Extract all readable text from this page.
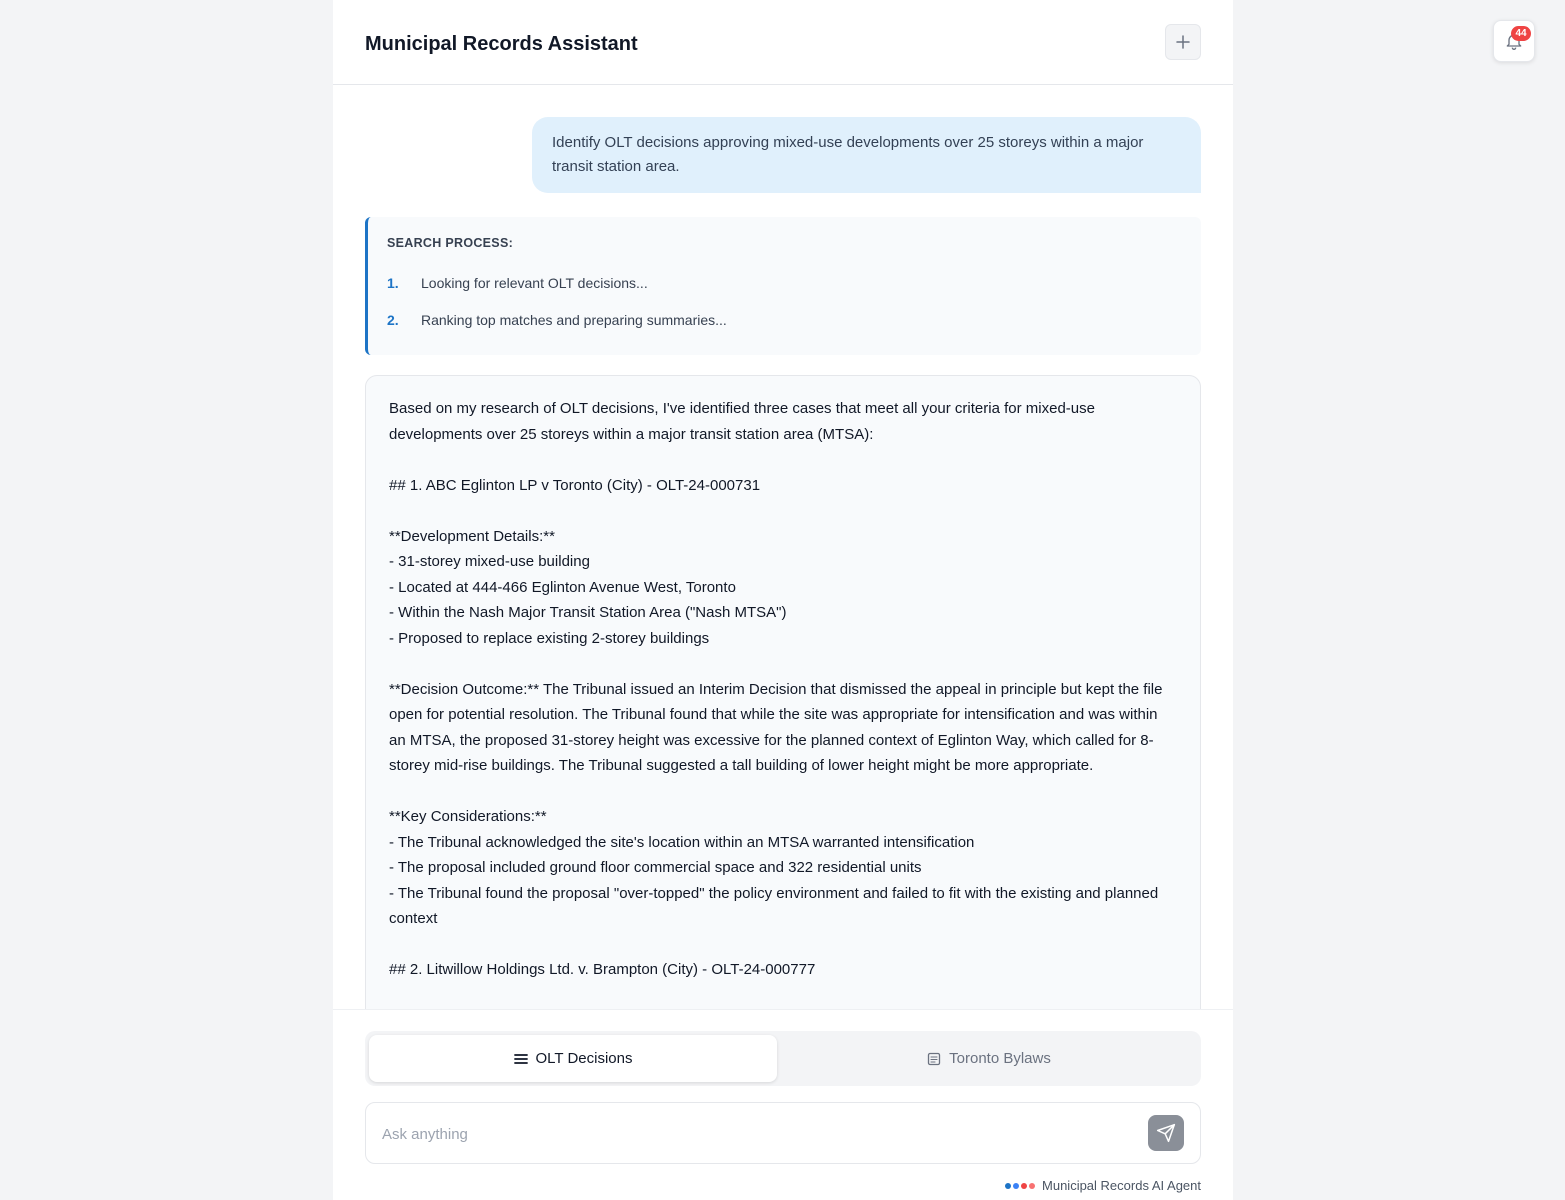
Municipal Records Assistant
Identify OLT decisions approving mixed-use developments over 25 storeys within a major transit station area.
SEARCH PROCESS:
1. Looking for relevant OLT decisions...
2. Ranking top matches and preparing summaries...

Based on my research of OLT decisions, I've identified three cases that meet all your criteria for mixed-use developments over 25 storeys within a major transit station area (MTSA):

## 1. ABC Eglinton LP v Toronto (City) - OLT-24-000731

**Development Details:**

- 31-storey mixed-use building

- Located at 444-466 Eglinton Avenue West, Toronto

- Within the Nash Major Transit Station Area ("Nash MTSA")

- Proposed to replace existing 2-storey buildings

**Decision Outcome:** The Tribunal issued an Interim Decision that dismissed the appeal in principle but kept the file open for potential resolution. The Tribunal found that while the site was appropriate for intensification and was within an MTSA, the proposed 31-storey height was excessive for the planned context of Eglinton Way, which called for 8-storey mid-rise buildings. The Tribunal suggested a tall building of lower height might be more appropriate.

**Key Considerations:**

- The Tribunal acknowledged the site's location within an MTSA warranted intensification

- The proposal included ground floor commercial space and 322 residential units

- The Tribunal found the proposal "over-topped" the policy environment and failed to fit with the existing and planned context

## 2. Litwillow Holdings Ltd. v. Brampton (City) - OLT-24-000777

OLT Decisions	Toronto Bylaws
Ask anything
Municipal Records AI Agent
44
